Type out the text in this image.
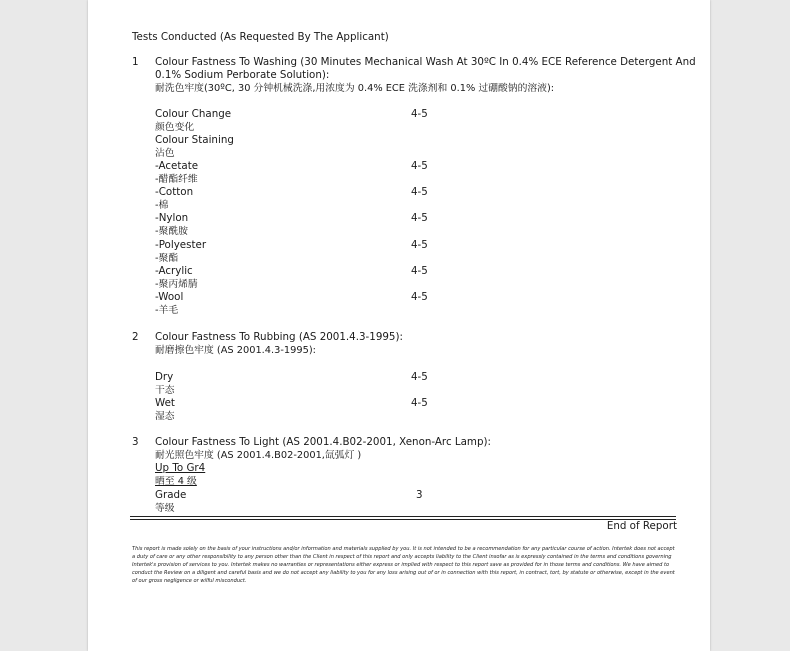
Tests Conducted (As Requested By The Applicant)
1 Colour Fastness To Washing (30 Minutes Mechanical Wash At 30ºC In 0.4% ECE Reference Detergent And
0.1% Sodium Perborate Solution):
耐洗色牢度(30ºC, 30 分钟机械洗涤,用浓度为 0.4% ECE 洗涤剂和 0.1% 过硼酸钠的溶液):
Colour Change	4-5
颜色变化
Colour Staining
沾色
-Acetate	4-5
-醋酯纤维
-Cotton	4-5
-棉
-Nylon	4-5
-聚酰胺
-Polyester	4-5
-聚酯
-Acrylic	4-5
-聚丙烯腈
-Wool	4-5
-羊毛
2 Colour Fastness To Rubbing (AS 2001.4.3-1995):
耐磨擦色牢度 (AS 2001.4.3-1995):
Dry	4-5
干态
Wet	4-5
湿态
3 Colour Fastness To Light (AS 2001.4.B02-2001, Xenon-Arc Lamp):
耐光照色牢度 (AS 2001.4.B02-2001,氙弧灯 )
Up To Gr4
晒至 4 级
Grade	3
等级
End of Report
This report is made solely on the basis of your instructions and/or information and materials supplied by you. It is not intended to be a recommendation for any particular course of action. Intertek does not accept a duty of care or any other responsibility to any person other than the Client in respect of this report and only accepts liability to the Client insofar as is expressly contained in the terms and conditions governing Intertek's provision of services to you. Intertek makes no warranties or representations either express or implied with respect to this report save as provided for in those terms and conditions. We have aimed to conduct the Review on a diligent and careful basis and we do not accept any liability to you for any loss arising out of or in connection with this report, in contract, tort, by statute or otherwise, except in the event of our gross negligence or wilful misconduct.
